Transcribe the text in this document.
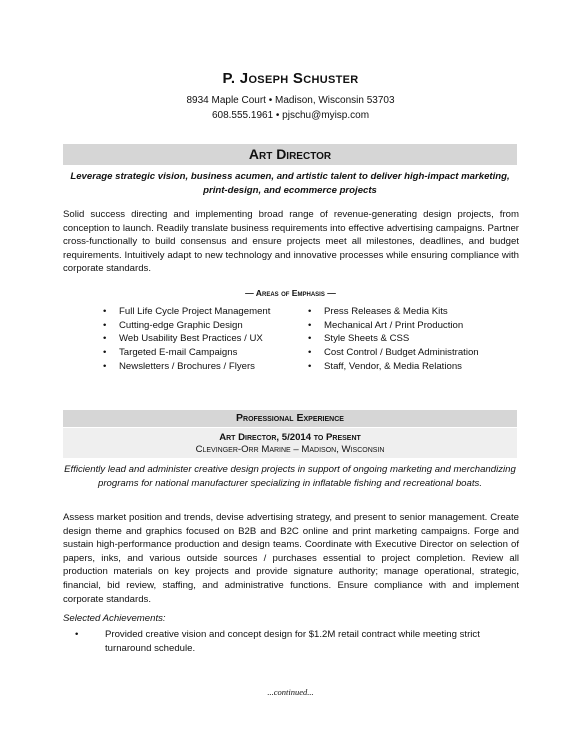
P. Joseph Schuster
8934 Maple Court • Madison, Wisconsin 53703
608.555.1961 • pjschu@myisp.com
Art Director
Leverage strategic vision, business acumen, and artistic talent to deliver high-impact marketing, print-design, and ecommerce projects
Solid success directing and implementing broad range of revenue-generating design projects, from conception to launch. Readily translate business requirements into effective advertising campaigns. Partner cross-functionally to build consensus and ensure projects meet all milestones, deadlines, and budget requirements. Intuitively adapt to new technology and innovative processes while ensuring compliance with corporate standards.
— Areas of Emphasis —
• Full Life Cycle Project Management
• Cutting-edge Graphic Design
• Web Usability Best Practices / UX
• Targeted E-mail Campaigns
• Newsletters / Brochures / Flyers
• Press Releases & Media Kits
• Mechanical Art / Print Production
• Style Sheets & CSS
• Cost Control / Budget Administration
• Staff, Vendor, & Media Relations
Professional Experience
Art Director, 5/2014 to Present
Clevinger-Orr Marine – Madison, Wisconsin
Efficiently lead and administer creative design projects in support of ongoing marketing and merchandizing programs for national manufacturer specializing in inflatable fishing and recreational boats.
Assess market position and trends, devise advertising strategy, and present to senior management. Create design theme and graphics focused on B2B and B2C online and print marketing campaigns. Forge and sustain high-performance production and design teams. Coordinate with Executive Director on selection of papers, inks, and various outside sources / purchases essential to project completion. Review all production materials on key projects and provide signature authority; manage operational, strategic, financial, bid review, staffing, and administrative functions. Ensure compliance with and implement corporate standards.
Selected Achievements:
•	Provided creative vision and concept design for $1.2M retail contract while meeting strict turnaround schedule.
...continued...
